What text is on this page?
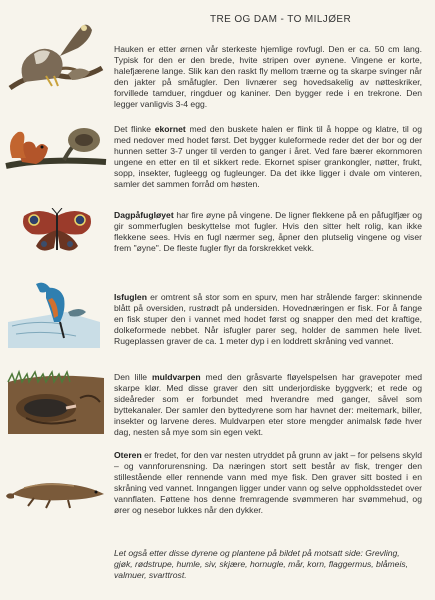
TRE OG DAM - TO MILJØER
Hauken er etter ørnen vår sterkeste hjemlige rovfugl. Den er ca. 50 cm lang. Typisk for den er den brede, hvite stripen over øynene. Vingene er korte, halefjærene lange. Slik kan den raskt fly mellom trærne og ta skarpe svinger når den jakter på småfugler. Den livnærer seg hovedsakelig av nøtteskriker, forvillede tamduer, ringduer og kaniner. Den bygger rede i en trekrone. Den legger vanligvis 3-4 egg.
Det flinke ekornet med den buskete halen er flink til å hoppe og klatre, til og med nedover med hodet først. Det bygger kuleformede reder det der bor og der hunnen setter 3-7 unger til verden to ganger i året. Ved fare bærer ekornmoren ungene en etter en til et sikkert rede. Ekornet spiser grankongler, nøtter, frukt, sopp, insekter, fugleegg og fugleunger. Da det ikke ligger i dvale om vinteren, samler det sammen forråd om høsten.
Dagpåfugløyet har fire øyne på vingene. De ligner flekkene på en påfuglfjær og gir sommerfuglen beskyttelse mot fugler. Hvis den sitter helt rolig, kan ikke flekkene sees. Hvis en fugl nærmer seg, åpner den plutselig vingene og viser frem "øyne". De fleste fugler flyr da forskrekket vekk.
Isfuglen er omtrent så stor som en spurv, men har strålende farger: skinnende blått på oversiden, rustrødt på undersiden. Hovednæringen er fisk. For å fange en fisk stuper den i vannet med hodet først og snapper den med det kraftige, dolkeformede nebbet. Når isfugler parer seg, holder de sammen hele livet. Rugeplassen graver de ca. 1 meter dyp i en loddrett skråning ved vannet.
Den lille muldvarpen med den gråsvarte fløyelspelsen har gravepoter med skarpe klør. Med disse graver den sitt underjordiske byggverk; et rede og sideåreder som er forbundet med hverandre med ganger, såvel som byttekanaler. Der samler den byttedyrene som har havnet der: meitemark, biller, insekter og larvene deres. Muldvarpen eter store mengder animalsk føde hver dag, nesten så mye som sin egen vekt.
Oteren er fredet, for den var nesten utryddet på grunn av jakt – for pelsens skyld – og vannforurensning. Da næringen stort sett består av fisk, trenger den stillestående eller rennende vann med mye fisk. Den graver sitt bosted i en skråning ved vannet. Inngangen ligger under vann og selve oppholdsstedet over vannflaten. Føttene hos denne fremragende svømmeren har svømmehud, og ører og nesebor lukkes når den dykker.
Let også etter disse dyrene og plantene på bildet på motsatt side: Grevling, gjøk, rødstrupe, humle, siv, skjære, hornugle, mår, korn, flaggermus, blåmeis, valmuer, svarttrost.
